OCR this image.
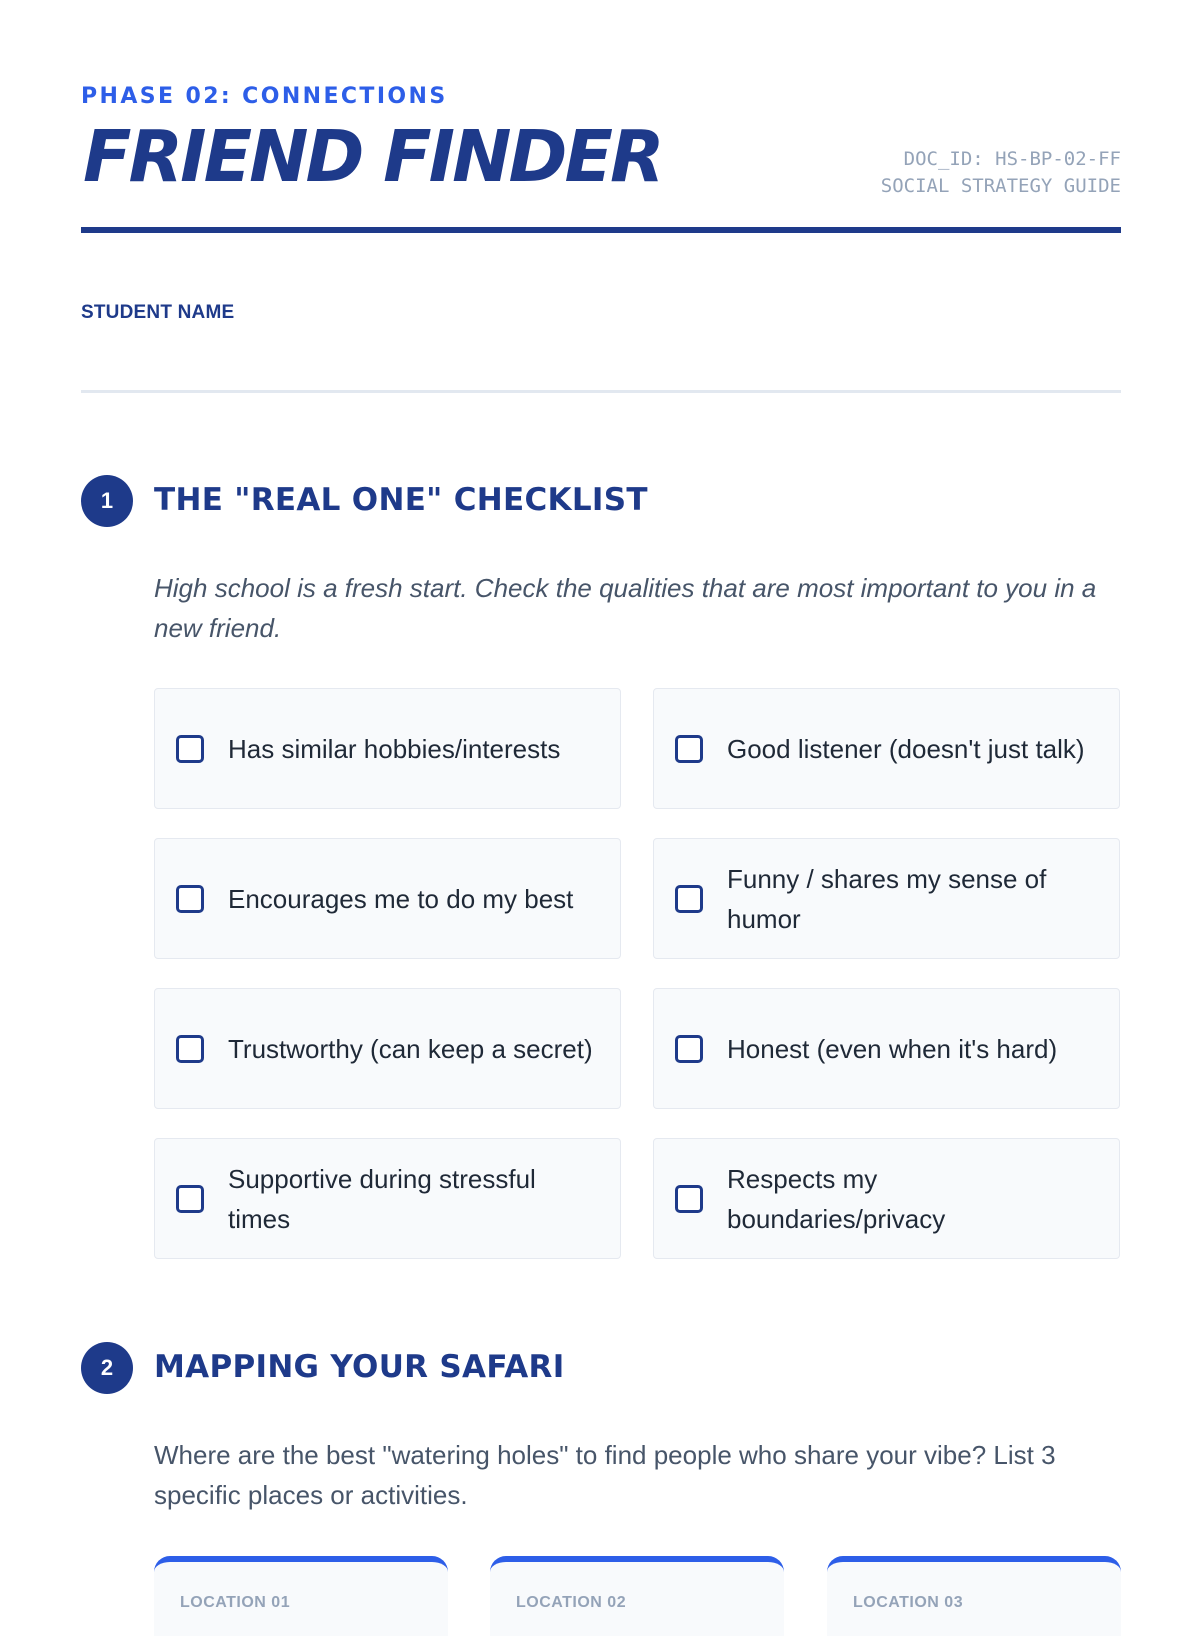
PHASE 02: CONNECTIONS
FRIEND FINDER	DOC_ID: HS-BP-02-FF
SOCIAL STRATEGY GUIDE
STUDENT NAME
1	THE "REAL ONE" CHECKLIST
High school is a fresh start. Check the qualities that are most important to you in a new friend.
Has similar hobbies/interests	Good listener (doesn't just talk)
Encourages me to do my best
Funny / shares my sense of humor
Trustworthy (can keep a secret)	Honest (even when it's hard)
Supportive during stressful times
Respects my boundaries/privacy
2	MAPPING YOUR SAFARI
Where are the best "watering holes" to find people who share your vibe? List 3 specific places or activities.
LOCATION 01	LOCATION 02	LOCATION 03
